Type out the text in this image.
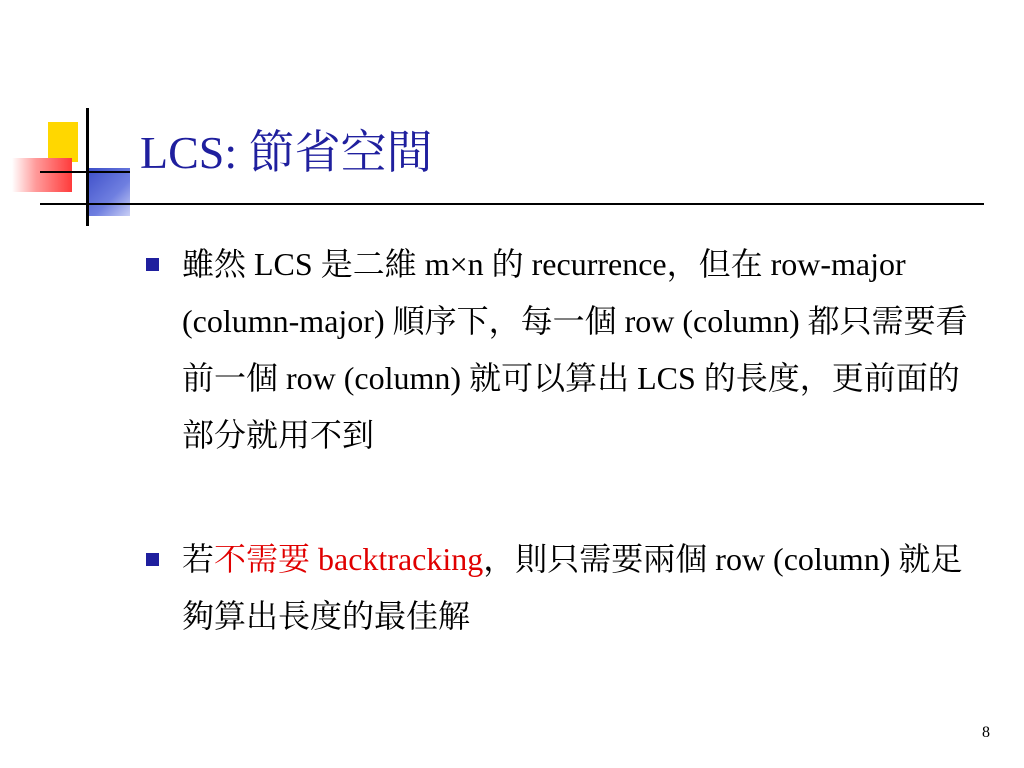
LCS: 節省空間
雖然 LCS 是二維 m×n 的 recurrence，但在 row-major (column-major) 順序下，每一個 row (column) 都只需要看前一個 row (column) 就可以算出 LCS 的長度，更前面的部分就用不到
若不需要 backtracking，則只需要兩個 row (column) 就足夠算出長度的最佳解
8
